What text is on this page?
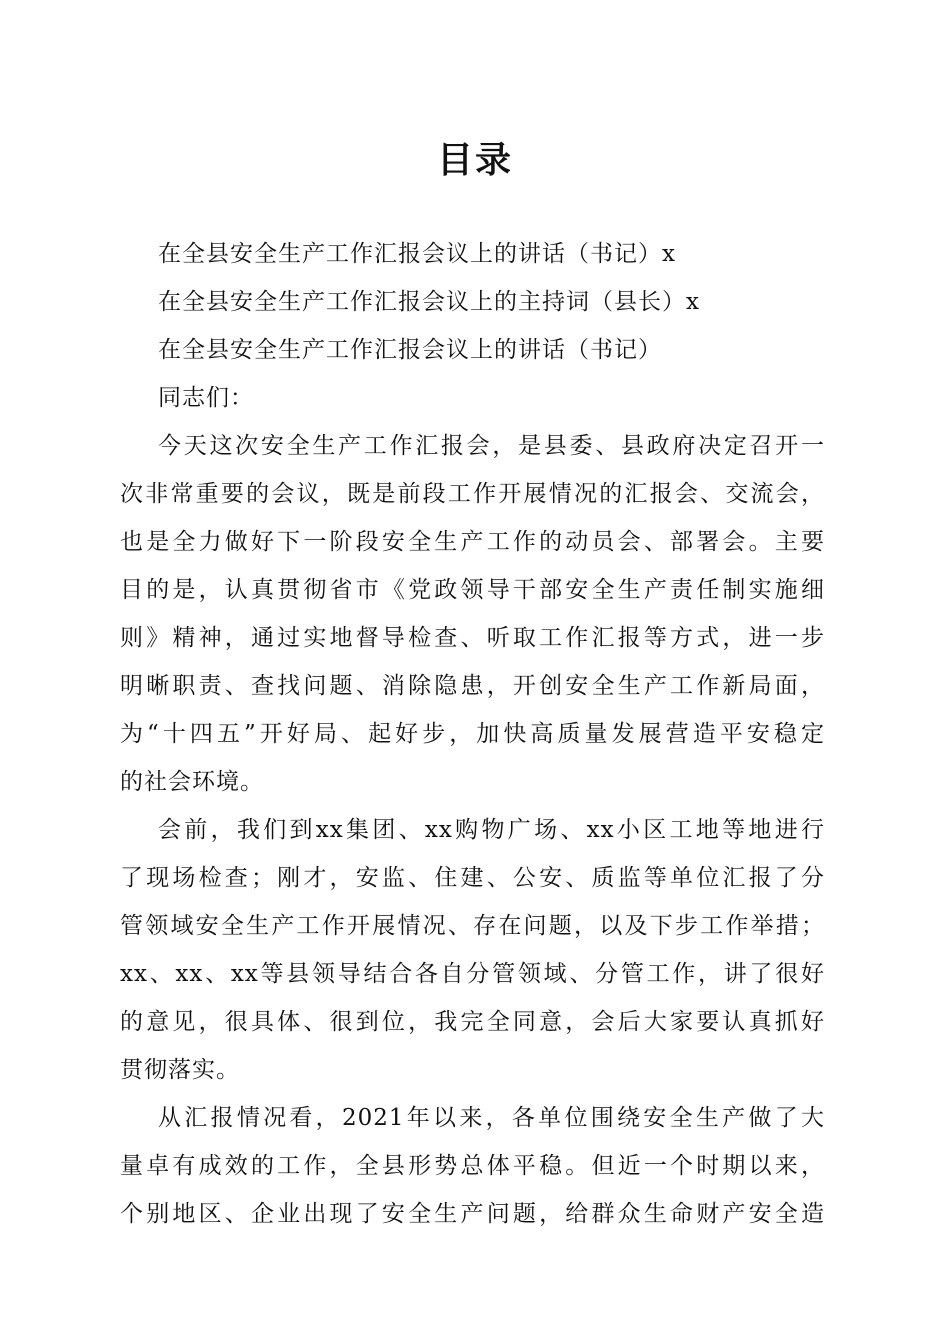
目录
在全县安全生产工作汇报会议上的讲话（书记）x
在全县安全生产工作汇报会议上的主持词（县长）x
在全县安全生产工作汇报会议上的讲话（书记）
同志们：
今天这次安全生产工作汇报会，是县委、县政府决定召开一
次非常重要的会议，既是前段工作开展情况的汇报会、交流会，
也是全力做好下一阶段安全生产工作的动员会、部署会。主要
目的是，认真贯彻省市《党政领导干部安全生产责任制实施细
则》精神，通过实地督导检查、听取工作汇报等方式，进一步
明晰职责、查找问题、消除隐患，开创安全生产工作新局面，
为“十四五”开好局、起好步，加快高质量发展营造平安稳定
的社会环境。
会前，我们到xx集团、xx购物广场、xx小区工地等地进行
了现场检查；刚才，安监、住建、公安、质监等单位汇报了分
管领域安全生产工作开展情况、存在问题，以及下步工作举措；
xx、xx、xx等县领导结合各自分管领域、分管工作，讲了很好
的意见，很具体、很到位，我完全同意，会后大家要认真抓好
贯彻落实。
从汇报情况看，2021年以来，各单位围绕安全生产做了大
量卓有成效的工作，全县形势总体平稳。但近一个时期以来，
个别地区、企业出现了安全生产问题，给群众生命财产安全造
